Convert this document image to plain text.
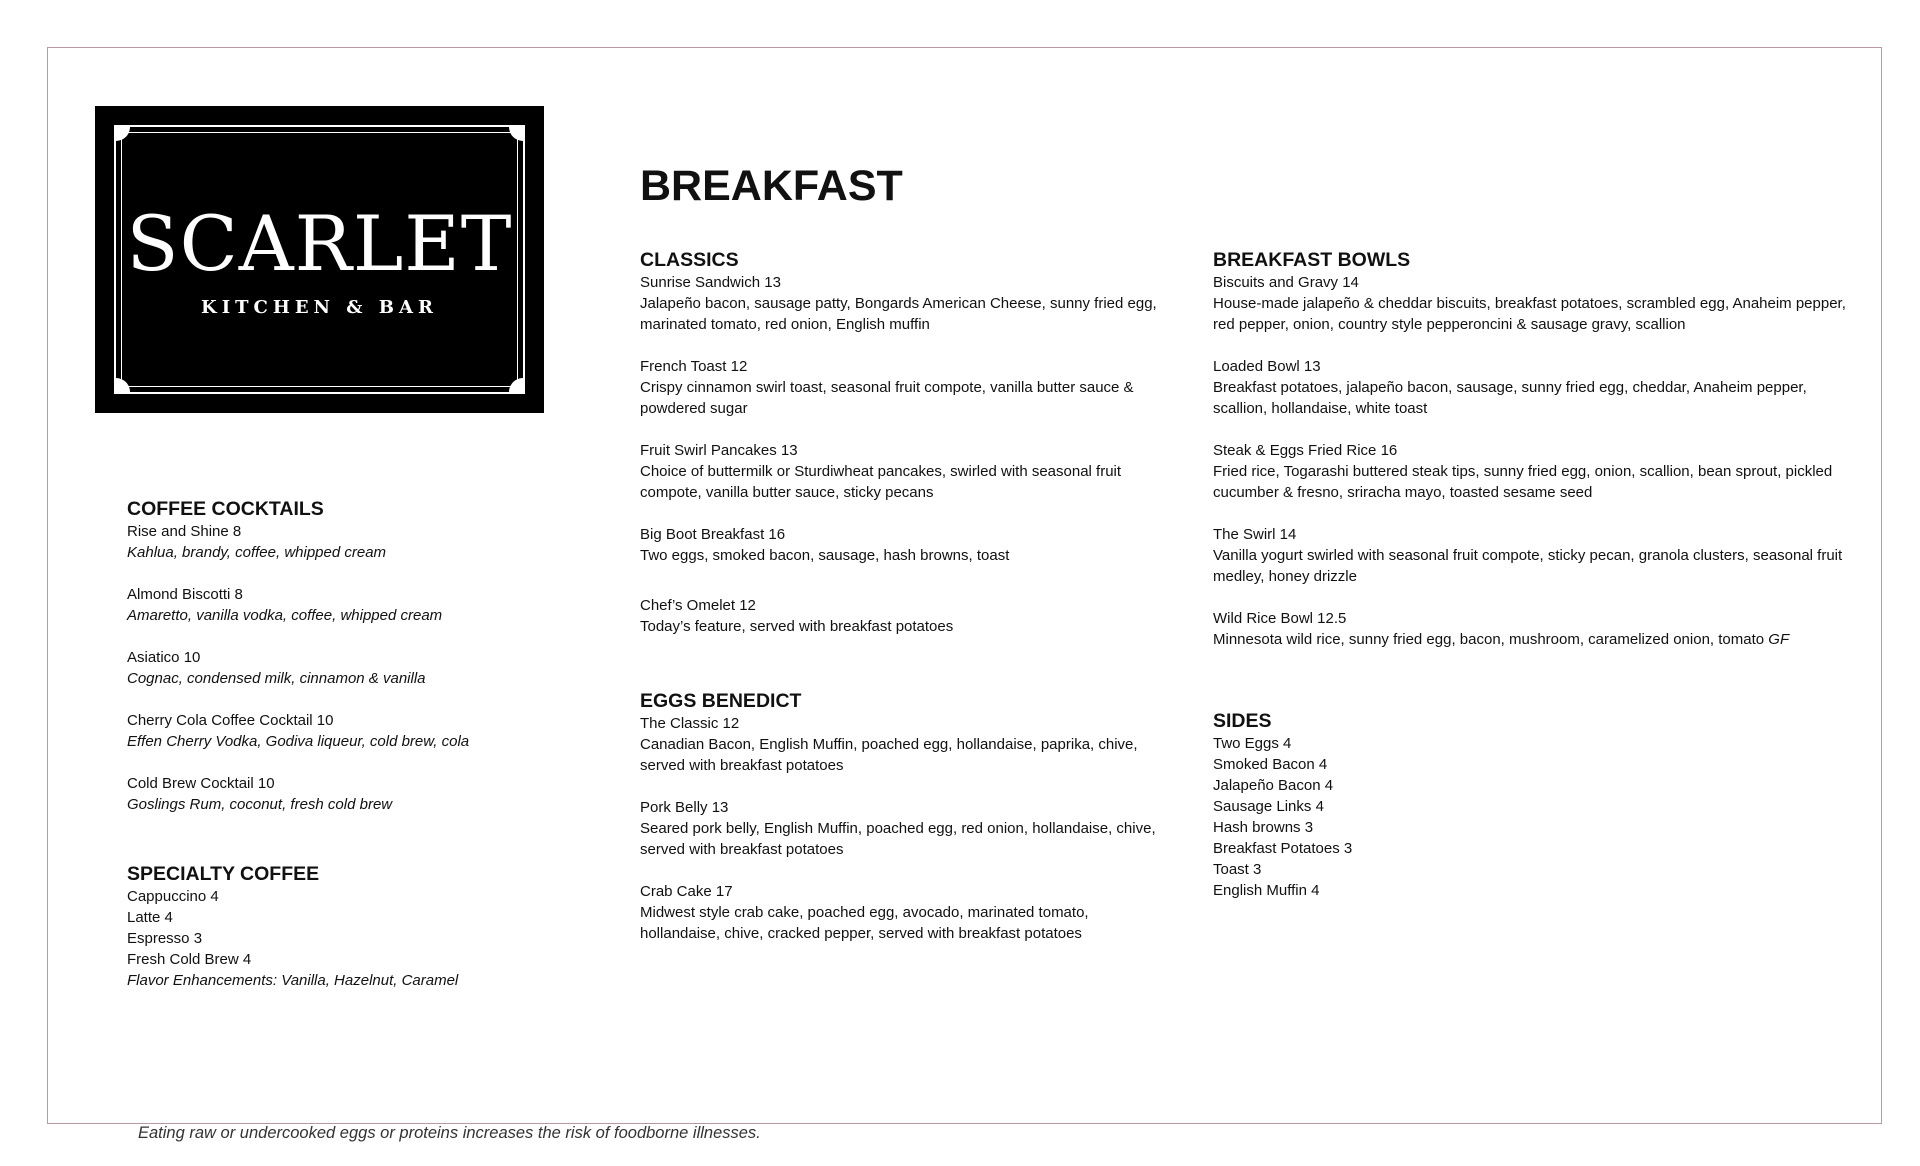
SCARLET
KITCHEN & BAR
BREAKFAST
COFFEE COCKTAILS
Rise and Shine 8
Kahlua, brandy, coffee, whipped cream
Almond Biscotti 8
Amaretto, vanilla vodka, coffee, whipped cream
Asiatico 10
Cognac, condensed milk, cinnamon & vanilla
Cherry Cola Coffee Cocktail 10
Effen Cherry Vodka, Godiva liqueur, cold brew, cola
Cold Brew Cocktail 10
Goslings Rum, coconut, fresh cold brew
SPECIALTY COFFEE
Cappuccino 4
Latte 4
Espresso 3
Fresh Cold Brew 4
Flavor Enhancements: Vanilla, Hazelnut, Caramel
CLASSICS
Sunrise Sandwich 13
Jalapeño bacon, sausage patty, Bongards American Cheese, sunny fried egg, marinated tomato, red onion, English muffin
French Toast 12
Crispy cinnamon swirl toast, seasonal fruit compote, vanilla butter sauce & powdered sugar
Fruit Swirl Pancakes 13
Choice of buttermilk or Sturdiwheat pancakes, swirled with seasonal fruit compote, vanilla butter sauce, sticky pecans
Big Boot Breakfast 16
Two eggs, smoked bacon, sausage, hash browns, toast
Chef’s Omelet 12
Today’s feature, served with breakfast potatoes
EGGS BENEDICT
The Classic 12
Canadian Bacon, English Muffin, poached egg, hollandaise, paprika, chive, served with breakfast potatoes
Pork Belly 13
Seared pork belly, English Muffin, poached egg, red onion, hollandaise, chive, served with breakfast potatoes
Crab Cake 17
Midwest style crab cake, poached egg, avocado, marinated tomato, hollandaise, chive, cracked pepper, served with breakfast potatoes
BREAKFAST BOWLS
Biscuits and Gravy 14
House-made jalapeño & cheddar biscuits, breakfast potatoes, scrambled egg, Anaheim pepper, red pepper, onion, country style pepperoncini & sausage gravy, scallion
Loaded Bowl 13
Breakfast potatoes, jalapeño bacon, sausage, sunny fried egg, cheddar, Anaheim pepper, scallion, hollandaise, white toast
Steak & Eggs Fried Rice 16
Fried rice, Togarashi buttered steak tips, sunny fried egg, onion, scallion, bean sprout, pickled cucumber & fresno, sriracha mayo, toasted sesame seed
The Swirl 14
Vanilla yogurt swirled with seasonal fruit compote, sticky pecan, granola clusters, seasonal fruit medley, honey drizzle
Wild Rice Bowl 12.5
Minnesota wild rice, sunny fried egg, bacon, mushroom, caramelized onion, tomato GF
SIDES
Two Eggs 4
Smoked Bacon 4
Jalapeño Bacon 4
Sausage Links 4
Hash browns 3
Breakfast Potatoes 3
Toast 3
English Muffin 4
Eating raw or undercooked eggs or proteins increases the risk of foodborne illnesses.
